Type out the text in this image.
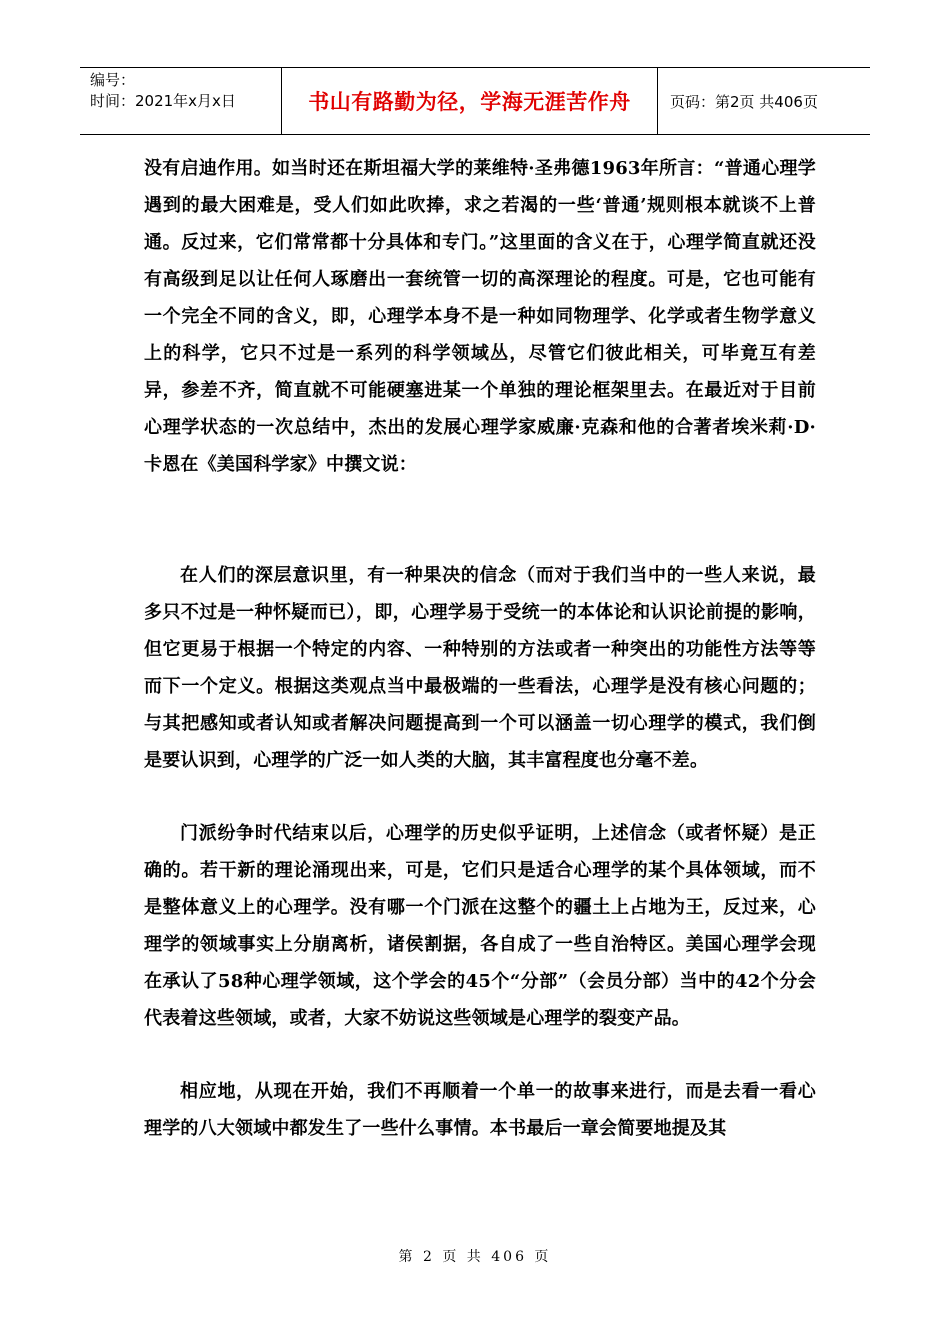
编号：
时间：2021年x月x日	书山有路勤为径，学海无涯苦作舟	页码：第2页 共406页

没有启迪作用。如当时还在斯坦福大学的莱维特·圣弗德1963年所言：“普通心理学遇到的最大困难是，受人们如此吹捧，求之若渴的一些‘普通’规则根本就谈不上普通。反过来，它们常常都十分具体和专门。”这里面的含义在于，心理学简直就还没有高级到足以让任何人琢磨出一套统管一切的高深理论的程度。可是，它也可能有一个完全不同的含义，即，心理学本身不是一种如同物理学、化学或者生物学意义上的科学，它只不过是一系列的科学领域丛，尽管它们彼此相关，可毕竟互有差异，参差不齐，简直就不可能硬塞进某一个单独的理论框架里去。在最近对于目前心理学状态的一次总结中，杰出的发展心理学家威廉·克森和他的合著者埃米莉·D·卡恩在《美国科学家》中撰文说：

在人们的深层意识里，有一种果决的信念（而对于我们当中的一些人来说，最多只不过是一种怀疑而已），即，心理学易于受统一的本体论和认识论前提的影响，但它更易于根据一个特定的内容、一种特别的方法或者一种突出的功能性方法等等而下一个定义。根据这类观点当中最极端的一些看法，心理学是没有核心问题的；与其把感知或者认知或者解决问题提高到一个可以涵盖一切心理学的模式，我们倒是要认识到，心理学的广泛一如人类的大脑，其丰富程度也分毫不差。

门派纷争时代结束以后，心理学的历史似乎证明，上述信念（或者怀疑）是正确的。若干新的理论涌现出来，可是，它们只是适合心理学的某个具体领域，而不是整体意义上的心理学。没有哪一个门派在这整个的疆土上占地为王，反过来，心理学的领域事实上分崩离析，诸侯割据，各自成了一些自治特区。美国心理学会现在承认了58种心理学领域，这个学会的45个“分部”（会员分部）当中的42个分会代表着这些领域，或者，大家不妨说这些领域是心理学的裂变产品。

相应地，从现在开始，我们不再顺着一个单一的故事来进行，而是去看一看心理学的八大领域中都发生了一些什么事情。本书最后一章会简要地提及其

第 2 页 共 406 页
